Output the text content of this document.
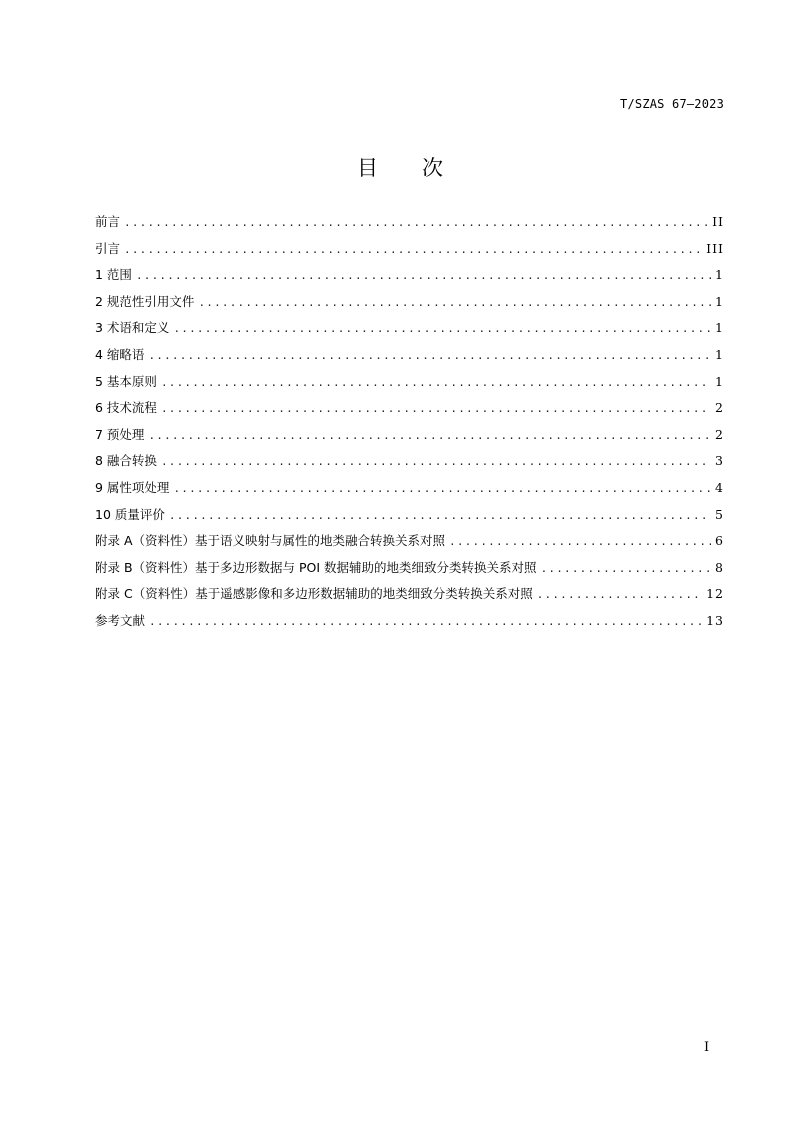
T/SZAS 67—2023
目 次
前言 .....	II
引言 .....	III
1 范围 .....	1
2 规范性引用文件 .....	1
3 术语和定义 .....	1
4 缩略语 .....	1
5 基本原则 .....	1
6 技术流程 .....	2
7 预处理 .....	2
8 融合转换 .....	3
9 属性项处理 .....	4
10 质量评价 .....	5
附录 A（资料性）基于语义映射与属性的地类融合转换关系对照 .....	6
附录 B（资料性）基于多边形数据与 POI 数据辅助的地类细致分类转换关系对照 .....	8
附录 C（资料性）基于遥感影像和多边形数据辅助的地类细致分类转换关系对照 .....	12
参考文献 .....	13
I
